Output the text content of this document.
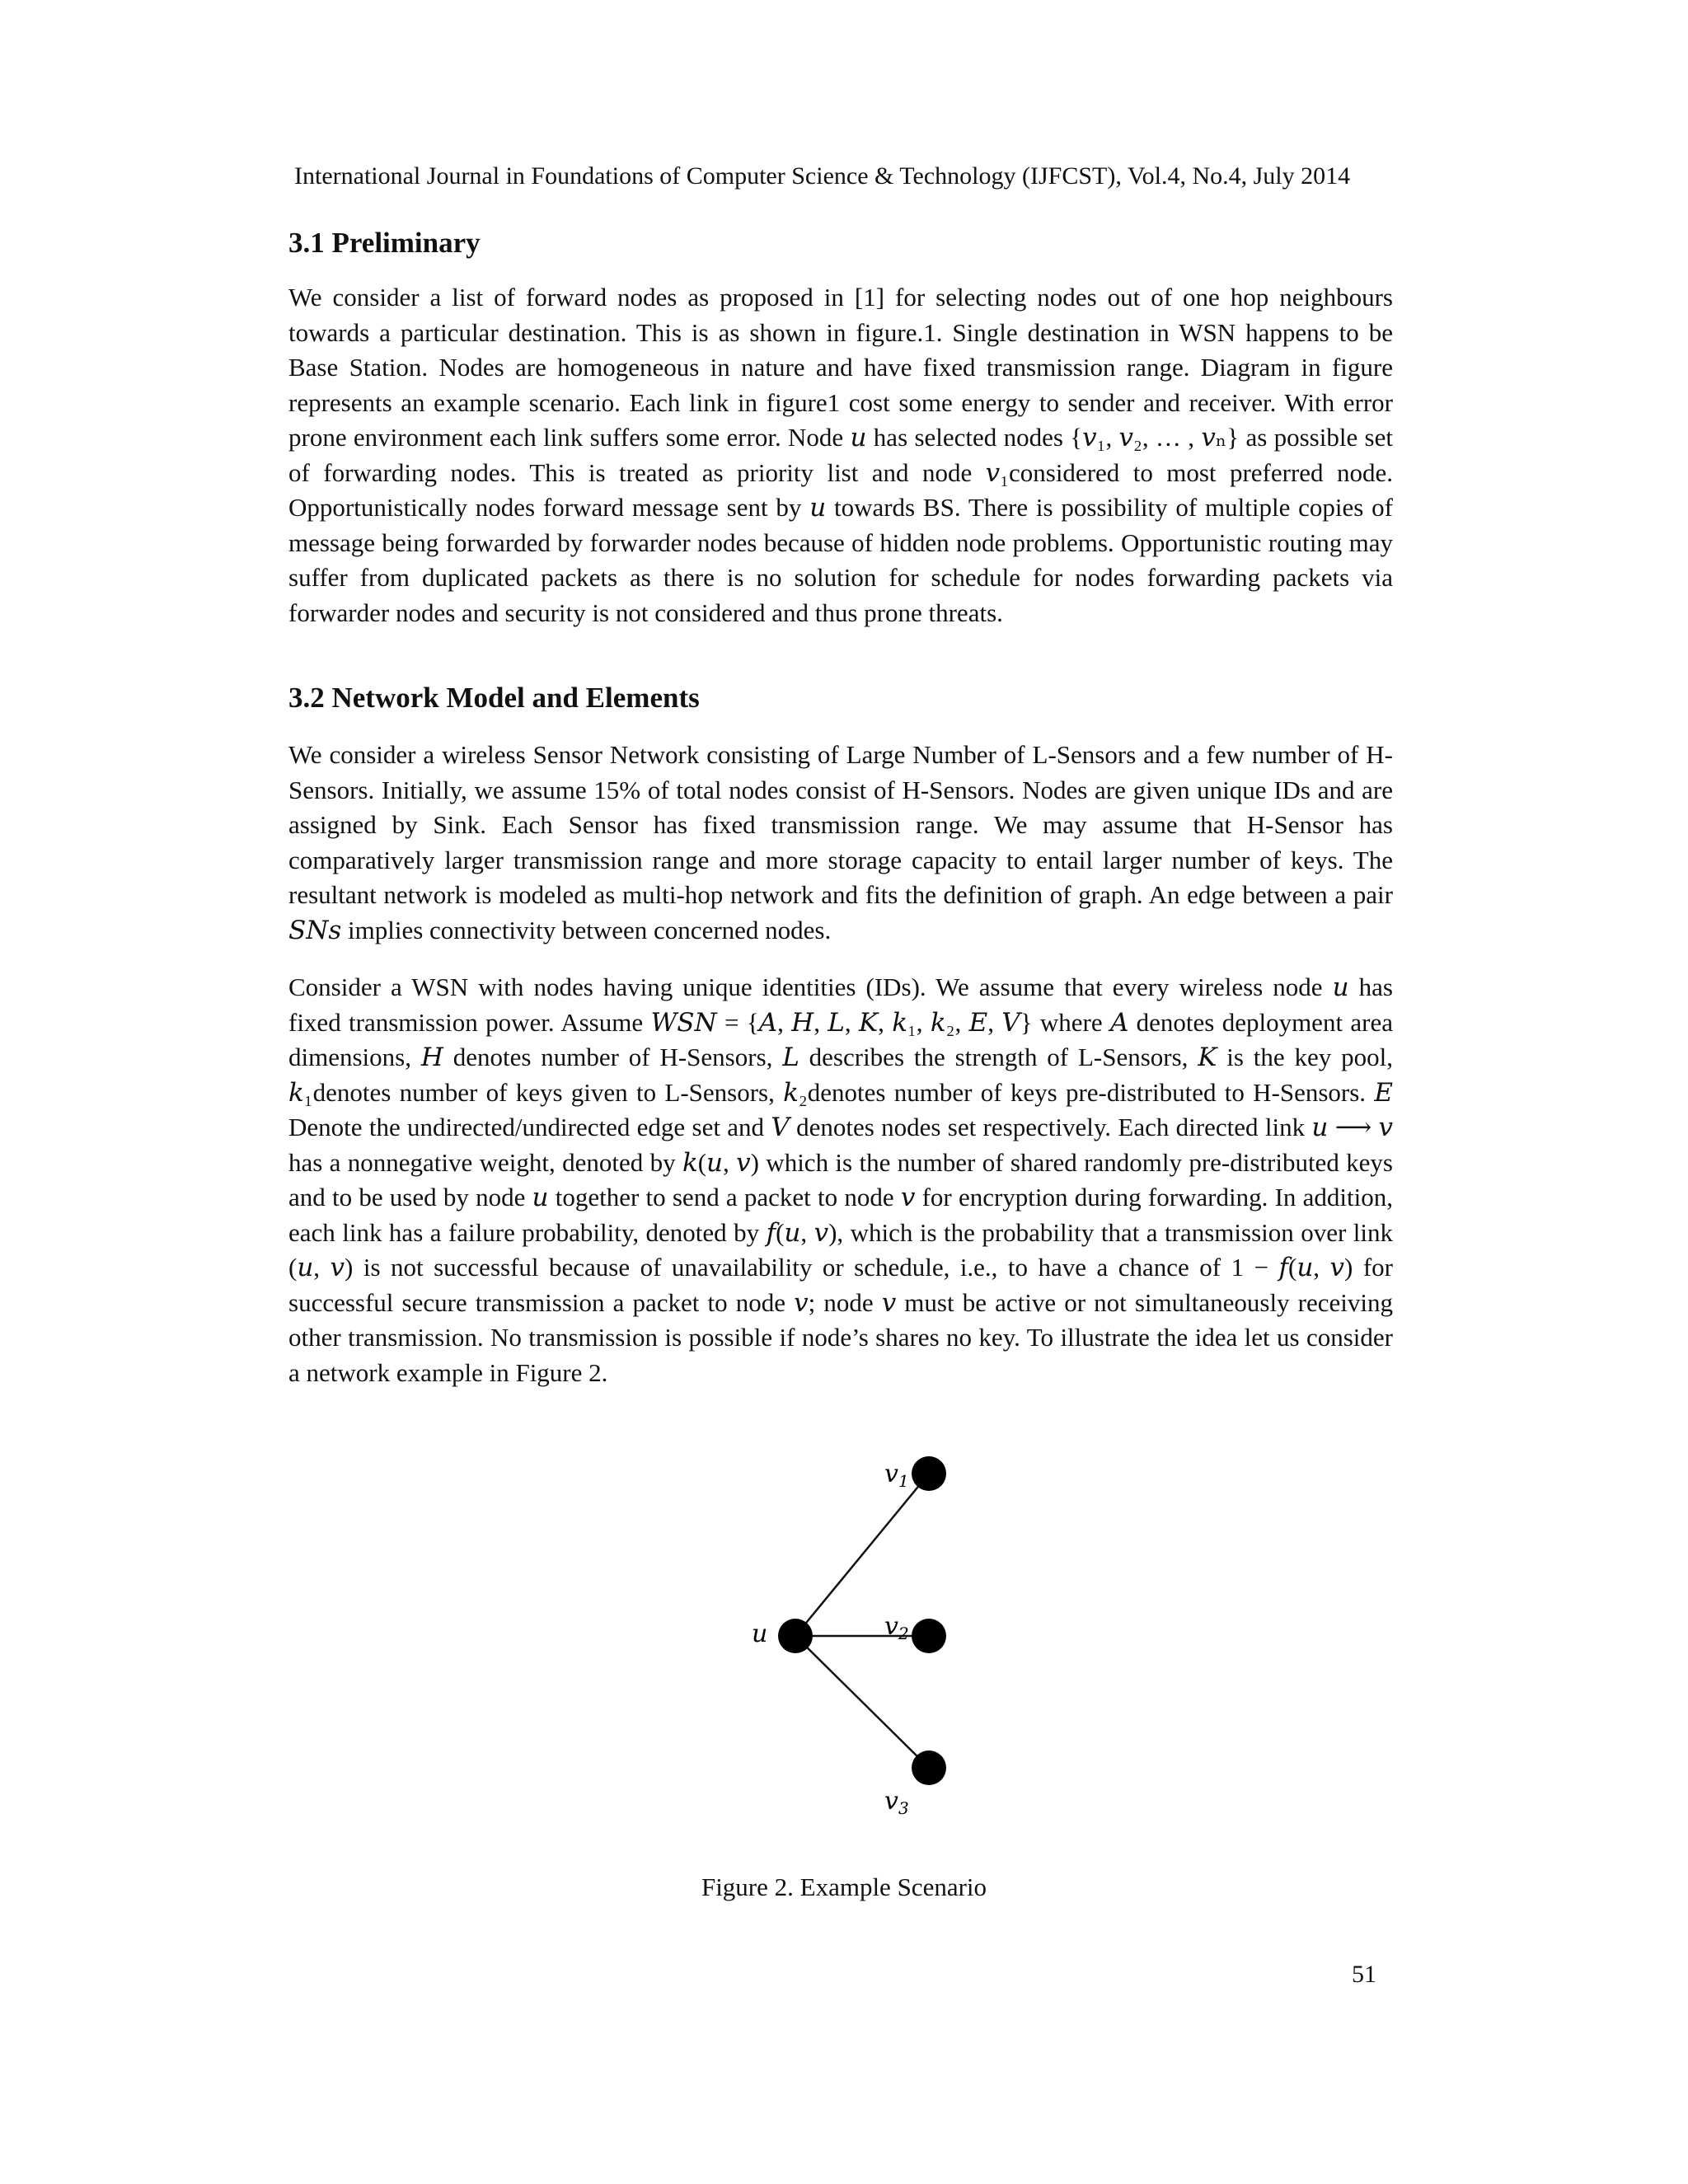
International Journal in Foundations of Computer Science & Technology (IJFCST), Vol.4, No.4, July 2014
3.1 Preliminary

We consider a list of forward nodes as proposed in [1] for selecting nodes out of one hop neighbours towards a particular destination. This is as shown in figure.1. Single destination in WSN happens to be Base Station. Nodes are homogeneous in nature and have fixed transmission range. Diagram in figure represents an example scenario. Each link in figure1 cost some energy to sender and receiver. With error prone environment each link suffers some error. Node 𝑢 has selected nodes {𝑣₁, 𝑣₂, … , 𝑣ₙ} as possible set of forwarding nodes. This is treated as priority list and node 𝑣₁considered to most preferred node. Opportunistically nodes forward message sent by 𝑢 towards BS. There is possibility of multiple copies of message being forwarded by forwarder nodes because of hidden node problems. Opportunistic routing may suffer from duplicated packets as there is no solution for schedule for nodes forwarding packets via forwarder nodes and security is not considered and thus prone threats.

3.2 Network Model and Elements

We consider a wireless Sensor Network consisting of Large Number of L-Sensors and a few number of H-Sensors. Initially, we assume 15% of total nodes consist of H-Sensors. Nodes are given unique IDs and are assigned by Sink. Each Sensor has fixed transmission range. We may assume that H-Sensor has comparatively larger transmission range and more storage capacity to entail larger number of keys. The resultant network is modeled as multi-hop network and fits the definition of graph. An edge between a pair 𝑆𝑁𝑠 implies connectivity between concerned nodes.

Consider a WSN with nodes having unique identities (IDs). We assume that every wireless node 𝑢 has fixed transmission power. Assume 𝑊𝑆𝑁 = {𝐴, 𝐻, 𝐿, 𝐾, 𝑘₁, 𝑘₂, 𝐸, 𝑉} where 𝐴 denotes deployment area dimensions, 𝐻 denotes number of H-Sensors, 𝐿 describes the strength of L-Sensors, 𝐾 is the key pool, 𝑘₁denotes number of keys given to L-Sensors, 𝑘₂denotes number of keys pre-distributed to H-Sensors. 𝐸 Denote the undirected/undirected edge set and 𝑉 denotes nodes set respectively. Each directed link 𝑢 ⟶ 𝑣 has a nonnegative weight, denoted by 𝑘(𝑢, 𝑣) which is the number of shared randomly pre-distributed keys and to be used by node 𝑢 together to send a packet to node 𝑣 for encryption during forwarding. In addition, each link has a failure probability, denoted by 𝑓(𝑢, 𝑣), which is the probability that a transmission over link (𝑢, 𝑣) is not successful because of unavailability or schedule, i.e., to have a chance of 1 − 𝑓(𝑢, 𝑣) for successful secure transmission a packet to node 𝑣; node 𝑣 must be active or not simultaneously receiving other transmission. No transmission is possible if node’s shares no key. To illustrate the idea let us consider a network example in Figure 2.

u
$v_1$
$v_2$
$v_3$
Figure 2. Example Scenario
51
